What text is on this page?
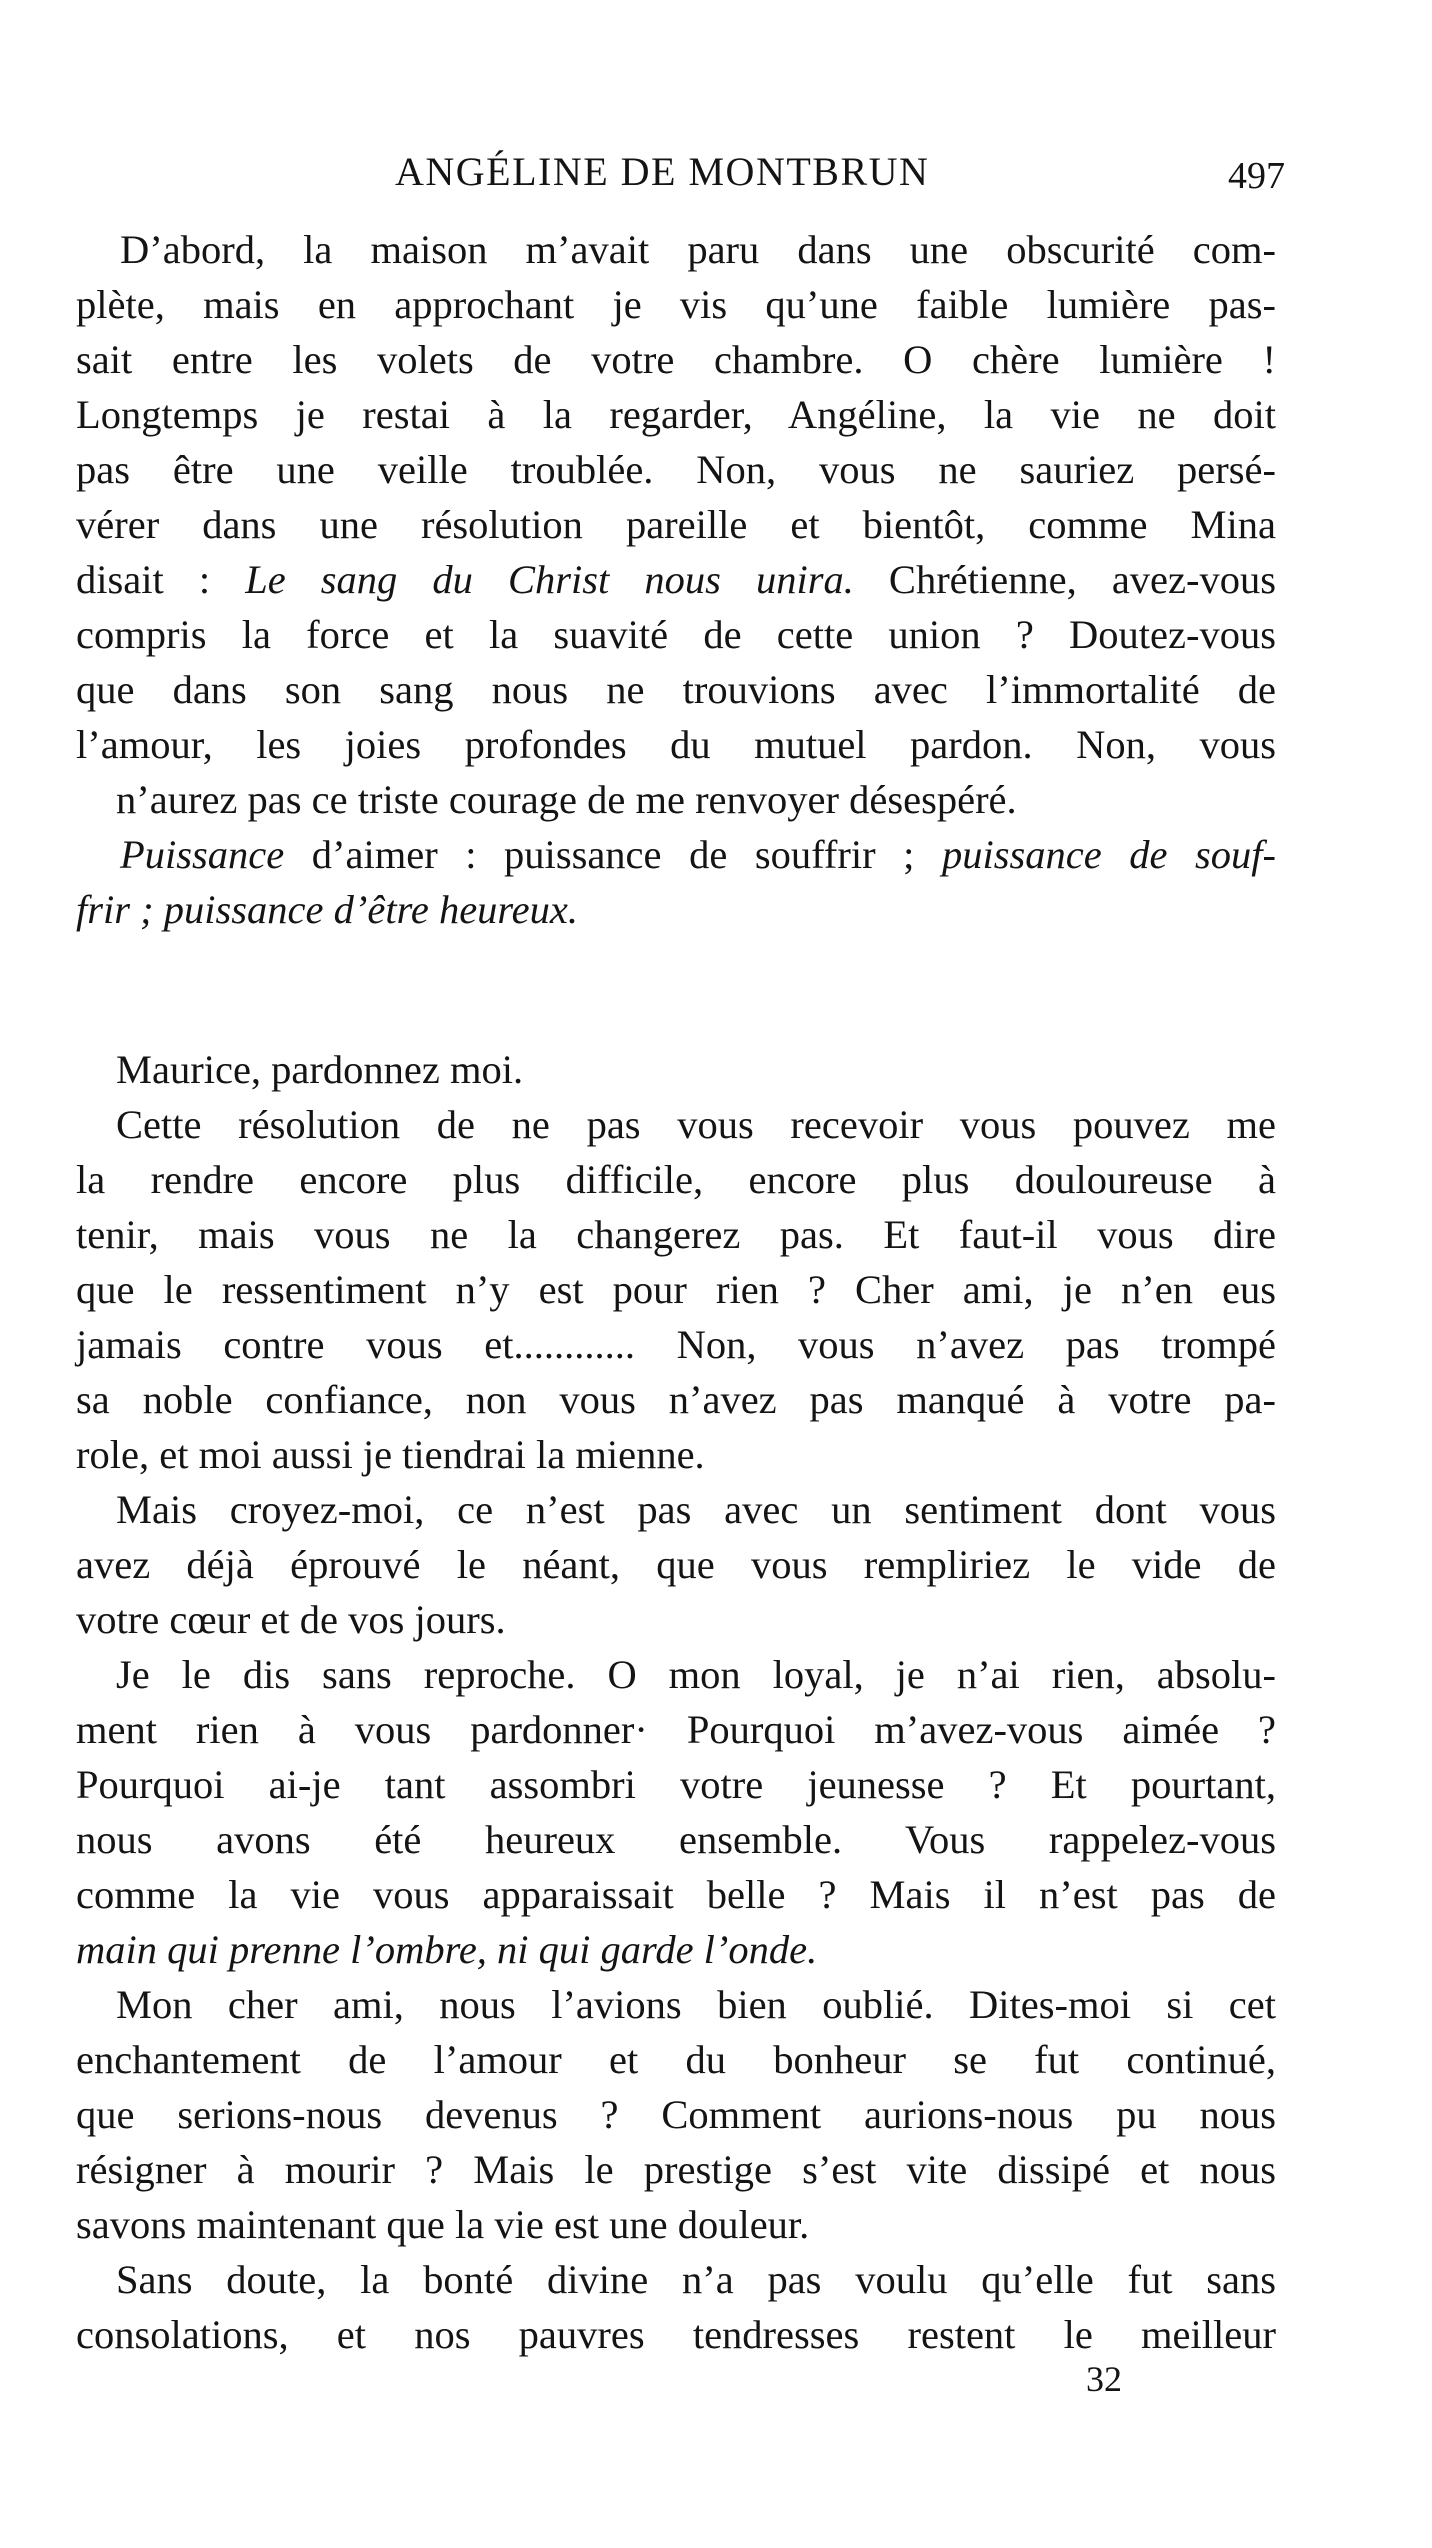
ANGÉLINE DE MONTBRUN	497
D’abord, la maison m’avait paru dans une obscurité com-
plète, mais en approchant je vis qu’une faible lumière pas-
sait entre les volets de votre chambre. O chère lumière !
Longtemps je restai à la regarder, Angéline, la vie ne doit
pas être une veille troublée. Non, vous ne sauriez persé-
vérer dans une résolution pareille et bientôt, comme Mina
disait : Le sang du Christ nous unira. Chrétienne, avez-vous
compris la force et la suavité de cette union ? Doutez-vous
que dans son sang nous ne trouvions avec l’immortalité de
l’amour, les joies profondes du mutuel pardon. Non, vous
n’aurez pas ce triste courage de me renvoyer désespéré.
Puissance d’aimer : puissance de souffrir ; puissance de souf-
frir ; puissance d’être heureux.
Maurice, pardonnez moi.
Cette résolution de ne pas vous recevoir vous pouvez me
la rendre encore plus difficile, encore plus douloureuse à
tenir, mais vous ne la changerez pas. Et faut-il vous dire
que le ressentiment n’y est pour rien ? Cher ami, je n’en eus
jamais contre vous et............ Non, vous n’avez pas trompé
sa noble confiance, non vous n’avez pas manqué à votre pa-
role, et moi aussi je tiendrai la mienne.
Mais croyez-moi, ce n’est pas avec un sentiment dont vous
avez déjà éprouvé le néant, que vous rempliriez le vide de
votre cœur et de vos jours.
Je le dis sans reproche. O mon loyal, je n’ai rien, absolu-
ment rien à vous pardonner· Pourquoi m’avez-vous aimée ?
Pourquoi ai-je tant assombri votre jeunesse ? Et pourtant,
nous avons été heureux ensemble. Vous rappelez-vous
comme la vie vous apparaissait belle ? Mais il n’est pas de
main qui prenne l’ombre, ni qui garde l’onde.
Mon cher ami, nous l’avions bien oublié. Dites-moi si cet
enchantement de l’amour et du bonheur se fut continué,
que serions-nous devenus ? Comment aurions-nous pu nous
résigner à mourir ? Mais le prestige s’est vite dissipé et nous
savons maintenant que la vie est une douleur.
Sans doute, la bonté divine n’a pas voulu qu’elle fut sans
consolations, et nos pauvres tendresses restent le meilleur
32
